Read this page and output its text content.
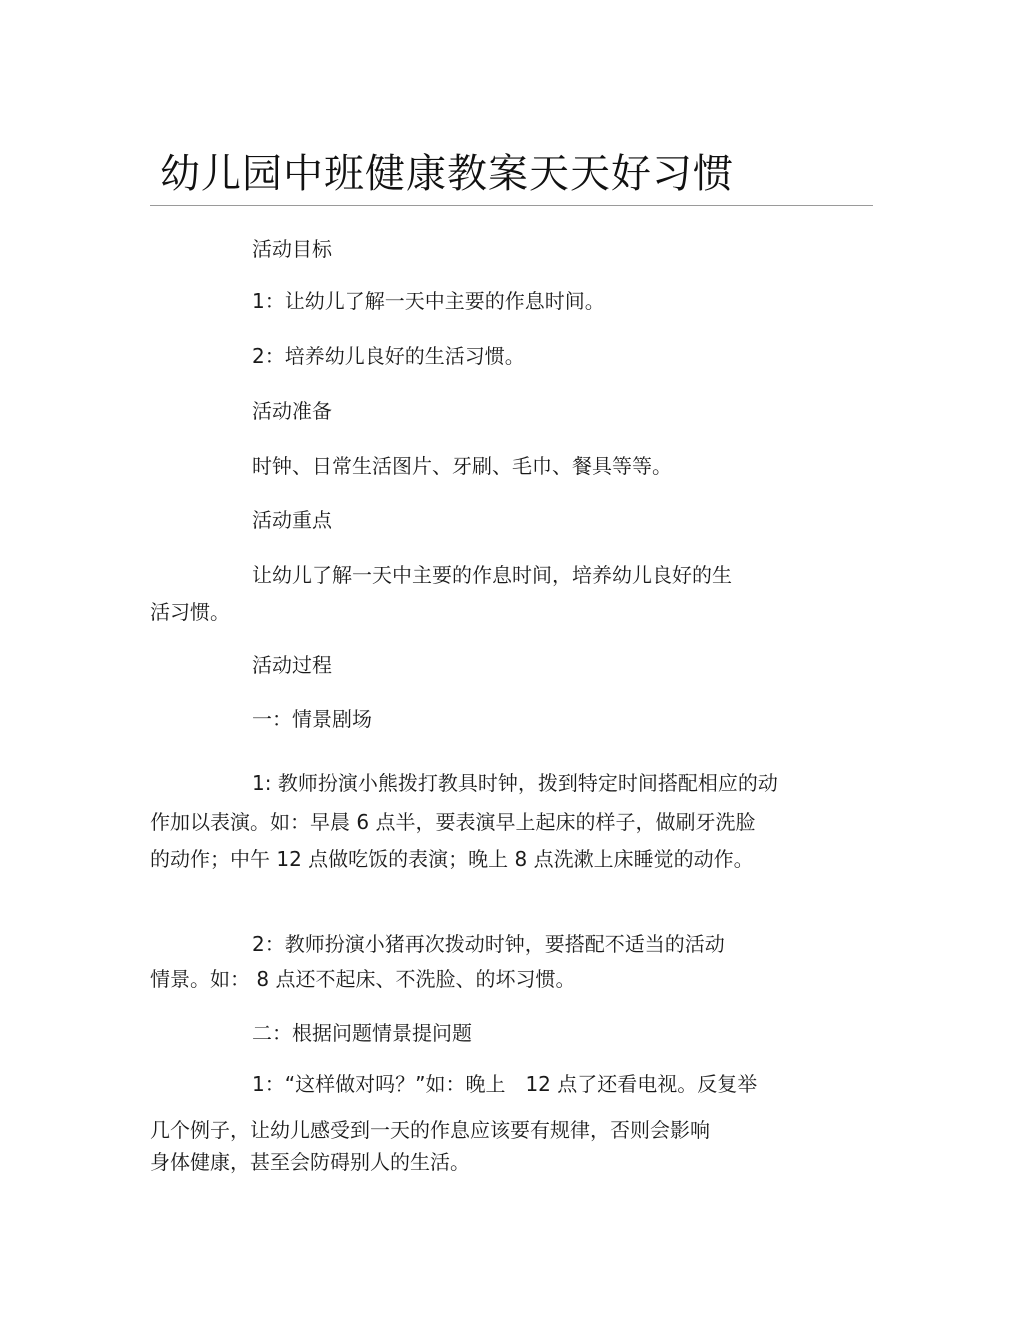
幼儿园中班健康教案天天好习惯
活动目标
1：让幼儿了解一天中主要的作息时间。
2：培养幼儿良好的生活习惯。
活动准备
时钟、日常生活图片、牙刷、毛巾、餐具等等。
活动重点
让幼儿了解一天中主要的作息时间，培养幼儿良好的生
活习惯。
活动过程
一：情景剧场
1: 教师扮演小熊拨打教具时钟，拨到特定时间搭配相应的动
作加以表演。如：早晨 6 点半，要表演早上起床的样子，做刷牙洗脸
的动作；中午 12 点做吃饭的表演；晚上 8 点洗漱上床睡觉的动作。
2：教师扮演小猪再次拨动时钟，要搭配不适当的活动
情景。如： 8 点还不起床、不洗脸、的坏习惯。
二：根据问题情景提问题
1：“这样做对吗？”如：晚上　12 点了还看电视。反复举
几个例子，让幼儿感受到一天的作息应该要有规律，否则会影响
身体健康，甚至会防碍别人的生活。
